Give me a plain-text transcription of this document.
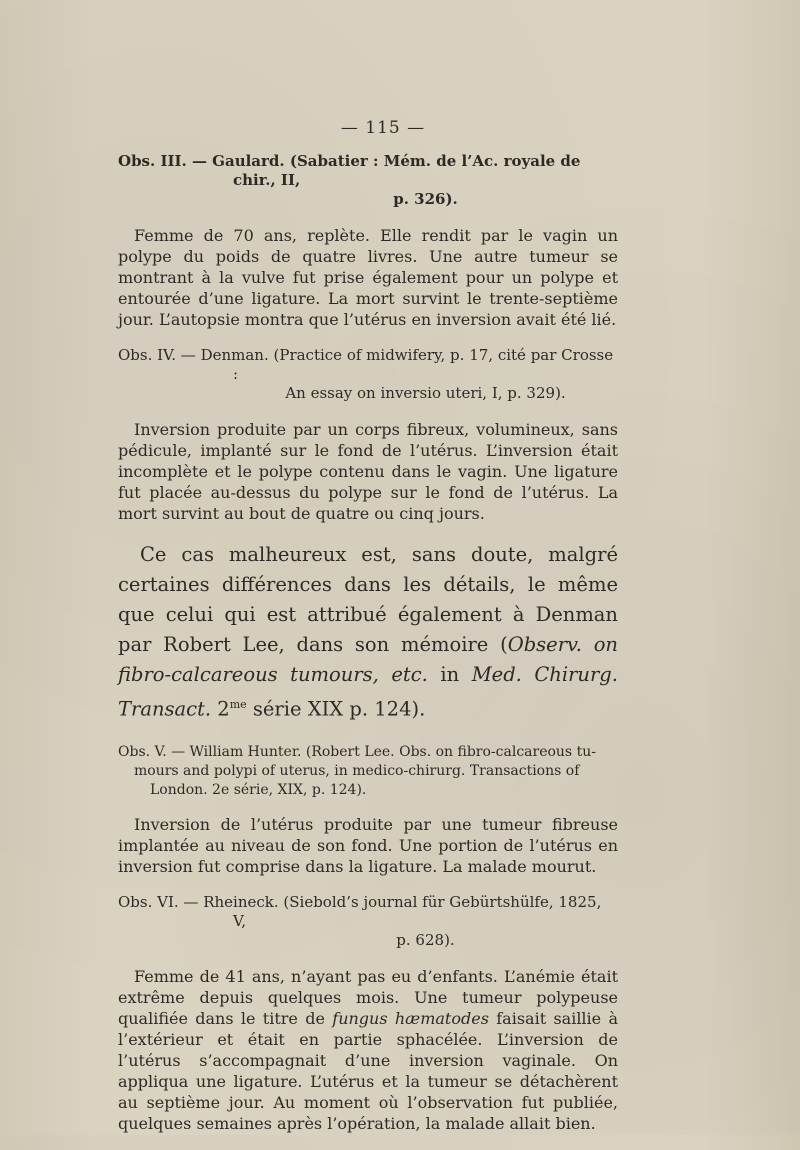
— 115 —
Obs. III. — Gaulard. (Sabatier : Mém. de l’Ac. royale de chir., II,
p. 326).

Femme de 70 ans, replète. Elle rendit par le vagin un polype du poids de quatre livres. Une autre tumeur se montrant à la vulve fut prise également pour un polype et entourée d’une ligature. La mort survint le trente-septième jour. L’autopsie montra que l’utérus en inversion avait été lié.

Obs. IV. — Denman. (Practice of midwifery, p. 17, cité par Crosse :
An essay on inversio uteri, I, p. 329).

Inversion produite par un corps fibreux, volumineux, sans pédicule, implanté sur le fond de l’utérus. L’inversion était incomplète et le polype contenu dans le vagin. Une ligature fut placée au-dessus du polype sur le fond de l’utérus. La mort survint au bout de quatre ou cinq jours.

Ce cas malheureux est, sans doute, malgré certaines différences dans les détails, le même que celui qui est attribué également à Denman par Robert Lee, dans son mémoire (Observ. on fibro-calcareous tumours, etc. in Med. Chirurg. Transact. $2^{me}$ série XIX p. 124).

Obs. V. — William Hunter. (Robert Lee. Obs. on fibro-calcareous tu-
mours and polypi of uterus, in medico-chirurg. Transactions of London. 2e série, XIX, p. 124).

Inversion de l’utérus produite par une tumeur fibreuse implantée au niveau de son fond. Une portion de l’utérus en inversion fut comprise dans la ligature. La malade mourut.

Obs. VI. — Rheineck. (Siebold’s journal für Gebürtshülfe, 1825, V,
p. 628).

Femme de 41 ans, n’ayant pas eu d’enfants. L’anémie était extrême depuis quelques mois. Une tumeur polypeuse qualifiée dans le titre de fungus hæmatodes faisait saillie à l’extérieur et était en partie sphacélée. L’inversion de l’utérus s’accompagnait d’une inversion vaginale. On appliqua une ligature. L’utérus et la tumeur se détachèrent au septième jour. Au moment où l’observation fut publiée, quelques semaines après l’opération, la malade allait bien.
